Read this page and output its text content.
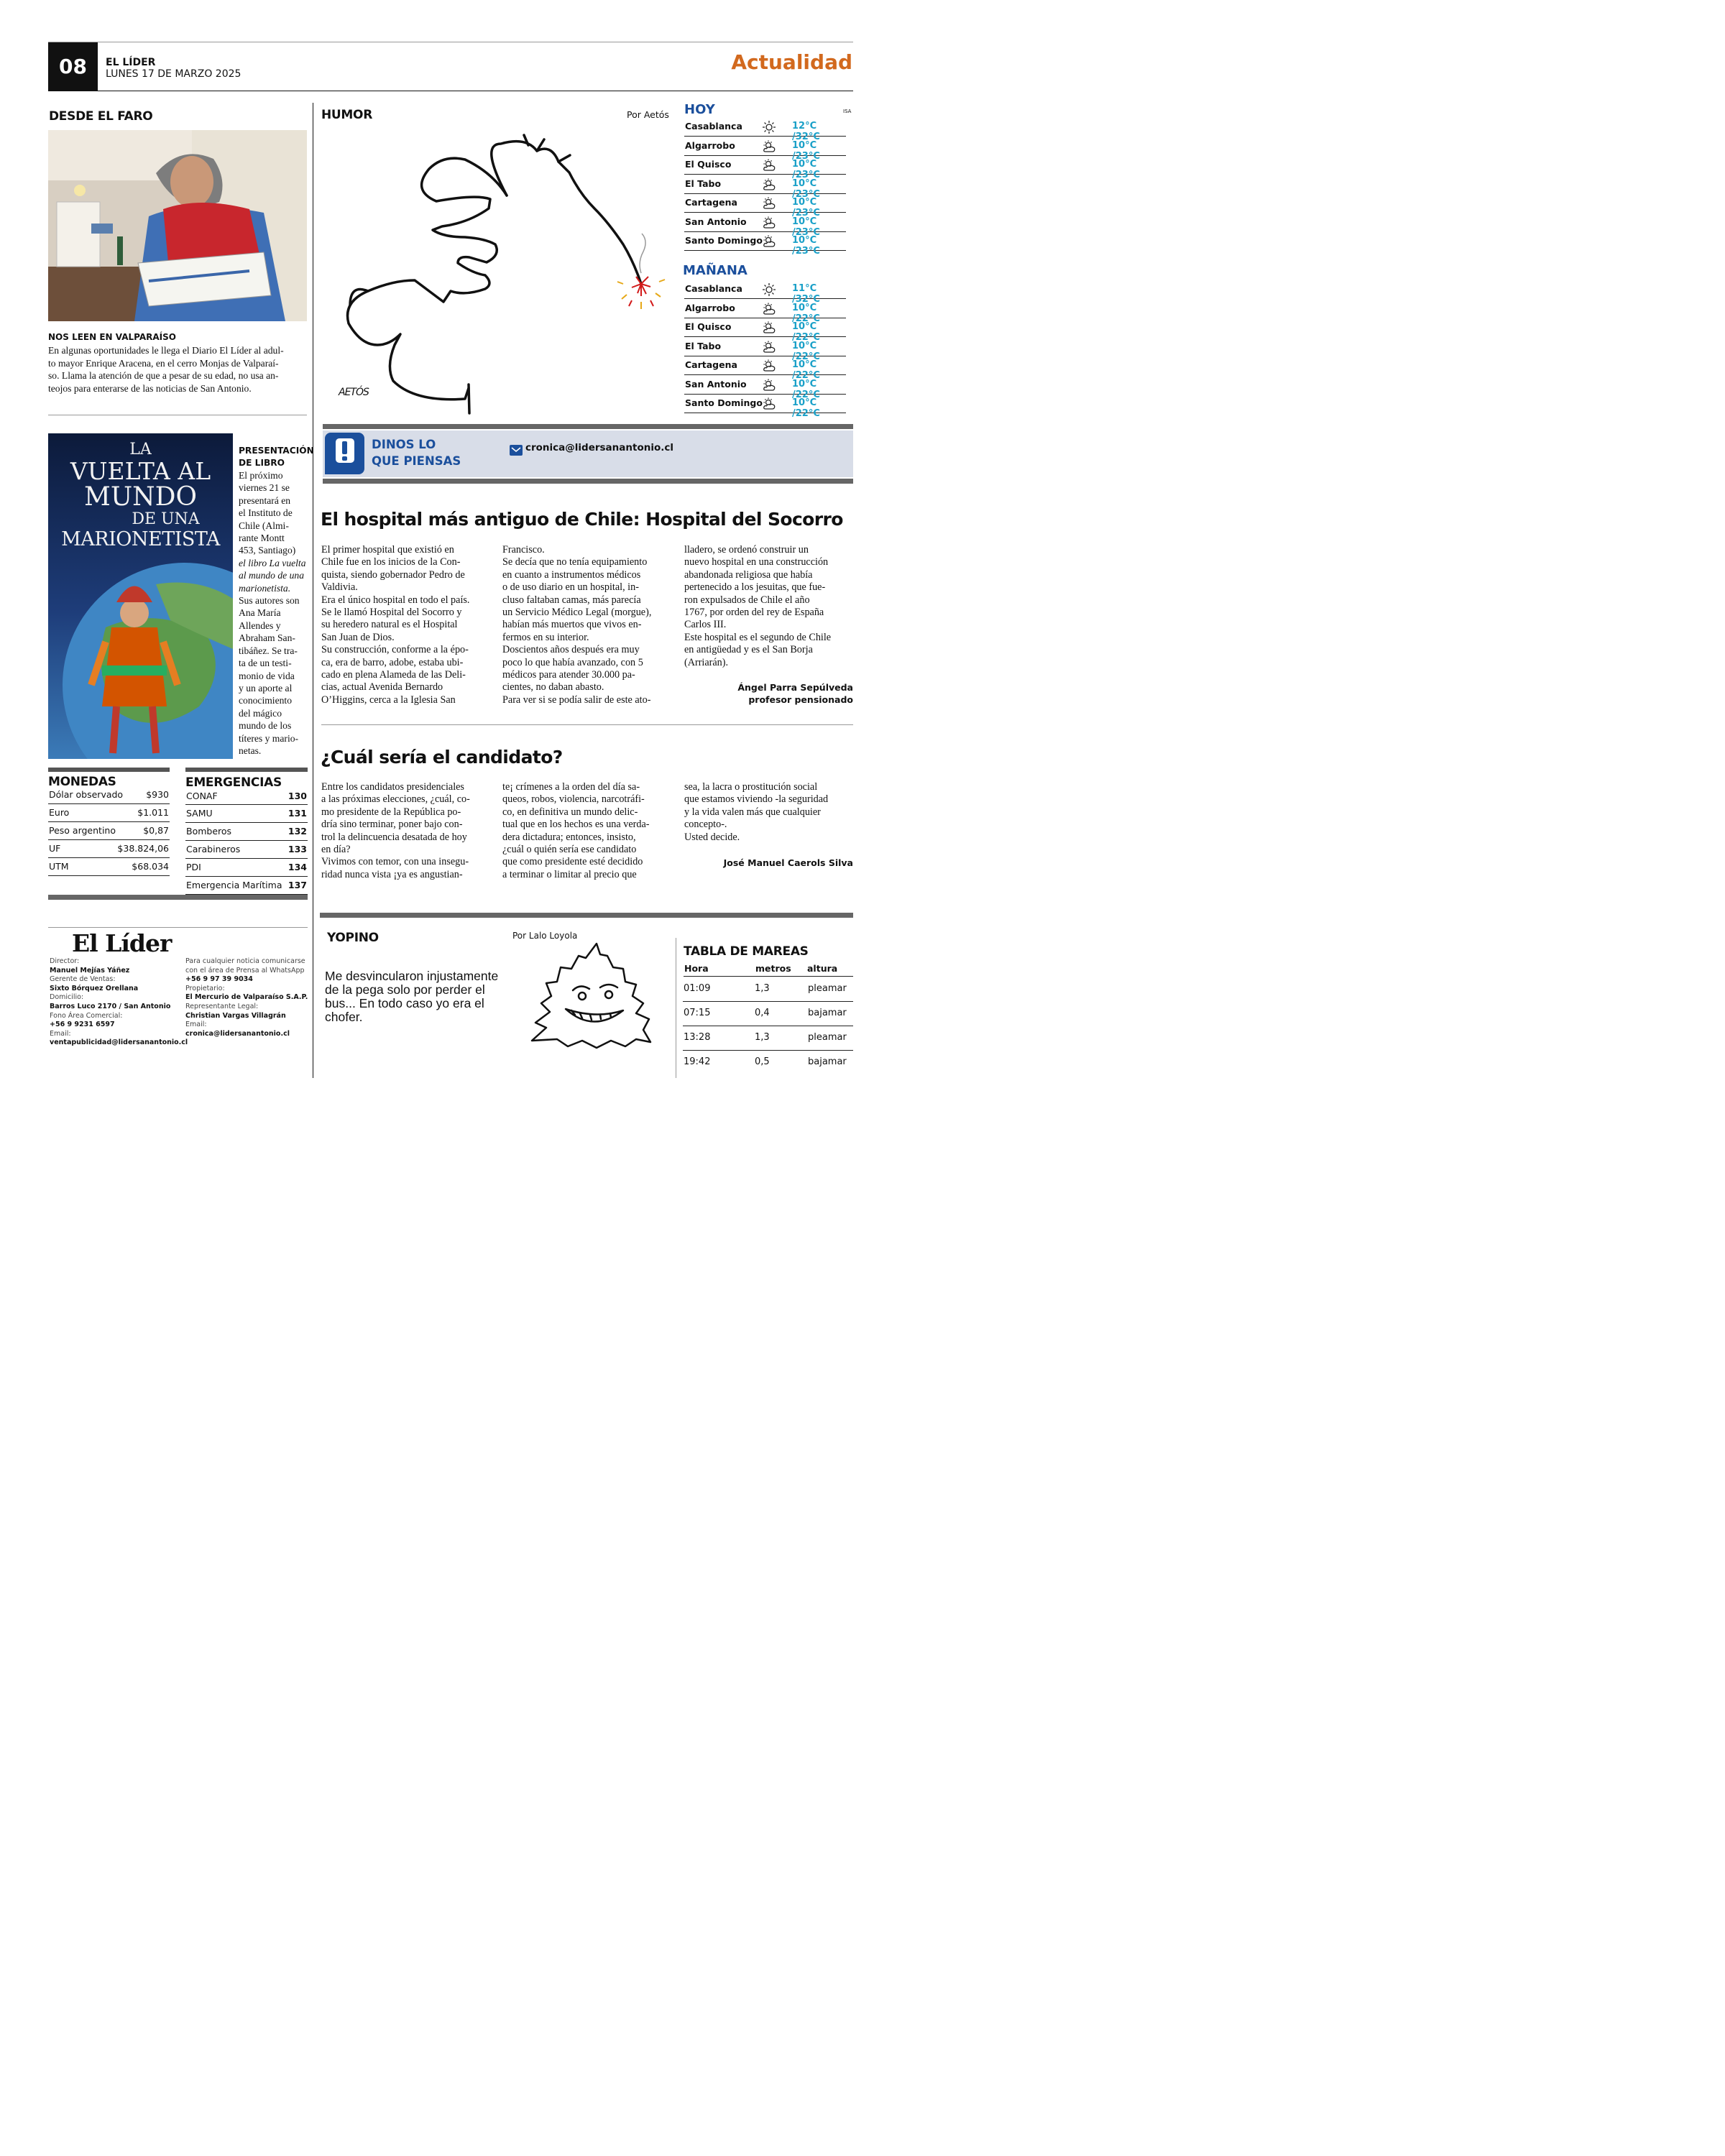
08	EL LÍDER
LUNES 17 DE MARZO 2025	Actualidad
DESDE EL FARO
NOS LEEN EN VALPARAÍSO
En algunas oportunidades le llega el Diario El Líder al adul-
to mayor Enrique Aracena, en el cerro Monjas de Valparaí-
so. Llama la atención de que a pesar de su edad, no usa an-
teojos para enterarse de las noticias de San Antonio.
LA
VUELTA AL
MUNDO
DE UNA
MARIONETISTA
PRESENTACIÓN
DE LIBRO
El próximo
viernes 21 se
presentará en
el Instituto de
Chile (Almi-
rante Montt
453, Santiago)
el libro La vuelta
al mundo de una
marionetista.
Sus autores son
Ana María
Allendes y
Abraham San-
tibáñez. Se tra-
ta de un testi-
monio de vida
y un aporte al
conocimiento
del mágico
mundo de los
títeres y mario-
netas.
MONEDAS
Dólar observado	$930
Euro	$1.011
Peso argentino	$0,87
UF	$38.824,06
UTM	$68.034
EMERGENCIAS
CONAF	130
SAMU	131
Bomberos	132
Carabineros	133
PDI	134
Emergencia Marítima 137
El Líder
Director:
Manuel Mejías Yáñez
Gerente de Ventas:
Sixto Bórquez Orellana
Domicilio:
Barros Luco 2170 / San Antonio
Fono Área Comercial:
+56 9 9231 6597
Email:
ventapublicidad@lidersanantonio.cl
Para cualquier noticia comunicarse
con el área de Prensa al WhatsApp
+56 9 97 39 9034
Propietario:
El Mercurio de Valparaíso S.A.P.
Representante Legal:
Christian Vargas Villagrán
Email:
cronica@lidersanantonio.cl
HUMOR	Por Aetós
AETÓS
HOY	ISA
Casablanca	12°C /32°C
Algarrobo	10°C /23°C
El Quisco	10°C /23°C
El Tabo	10°C /23°C
Cartagena	10°C /23°C
San Antonio	10°C /23°C
Santo Domingo	10°C /23°C
MAÑANA
Casablanca	11°C /32°C
Algarrobo	10°C /22°C
El Quisco	10°C /22°C
El Tabo	10°C /22°C
Cartagena	10°C /22°C
San Antonio	10°C /22°C
Santo Domingo	10°C /22°C
DINOS LO
QUE PIENSAS
cronica@lidersanantonio.cl
El hospital más antiguo de Chile: Hospital del Socorro
El primer hospital que existió en
Chile fue en los inicios de la Con-
quista, siendo gobernador Pedro de
Valdivia.
Era el único hospital en todo el país.
Se le llamó Hospital del Socorro y
su heredero natural es el Hospital
San Juan de Dios.
Su construcción, conforme a la épo-
ca, era de barro, adobe, estaba ubi-
cado en plena Alameda de las Deli-
cias, actual Avenida Bernardo
O’Higgins, cerca a la Iglesia San
Francisco.
Se decía que no tenía equipamiento
en cuanto a instrumentos médicos
o de uso diario en un hospital, in-
cluso faltaban camas, más parecía
un Servicio Médico Legal (morgue),
habían más muertos que vivos en-
fermos en su interior.
Doscientos años después era muy
poco lo que había avanzado, con 5
médicos para atender 30.000 pa-
cientes, no daban abasto.
Para ver si se podía salir de este ato-
lladero, se ordenó construir un
nuevo hospital en una construcción
abandonada religiosa que había
pertenecido a los jesuitas, que fue-
ron expulsados de Chile el año
1767, por orden del rey de España
Carlos III.
Este hospital es el segundo de Chile
en antigüedad y es el San Borja
(Arriarán).
Ángel Parra Sepúlveda
profesor pensionado
¿Cuál sería el candidato?
Entre los candidatos presidenciales
a las próximas elecciones, ¿cuál, co-
mo presidente de la República po-
dría sino terminar, poner bajo con-
trol la delincuencia desatada de hoy
en día?
Vivimos con temor, con una insegu-
ridad nunca vista ¡ya es angustian-
te¡ crímenes a la orden del día sa-
queos, robos, violencia, narcotráfi-
co, en definitiva un mundo delic-
tual que en los hechos es una verda-
dera dictadura; entonces, insisto,
¿cuál o quién sería ese candidato
que como presidente esté decidido
a terminar o limitar al precio que
sea, la lacra o prostitución social
que estamos viviendo -la seguridad
y la vida valen más que cualquier
concepto-.
Usted decide.
José Manuel Caerols Silva
YOPINO	Por Lalo Loyola
Me desvincularon injustamente
de la pega solo por perder el
bus... En todo caso yo era el
chofer.
TABLA DE MAREAS
Hora	metros altura
01:09	1,3	pleamar
07:15	0,4	bajamar
13:28	1,3	pleamar
19:42	0,5	bajamar
